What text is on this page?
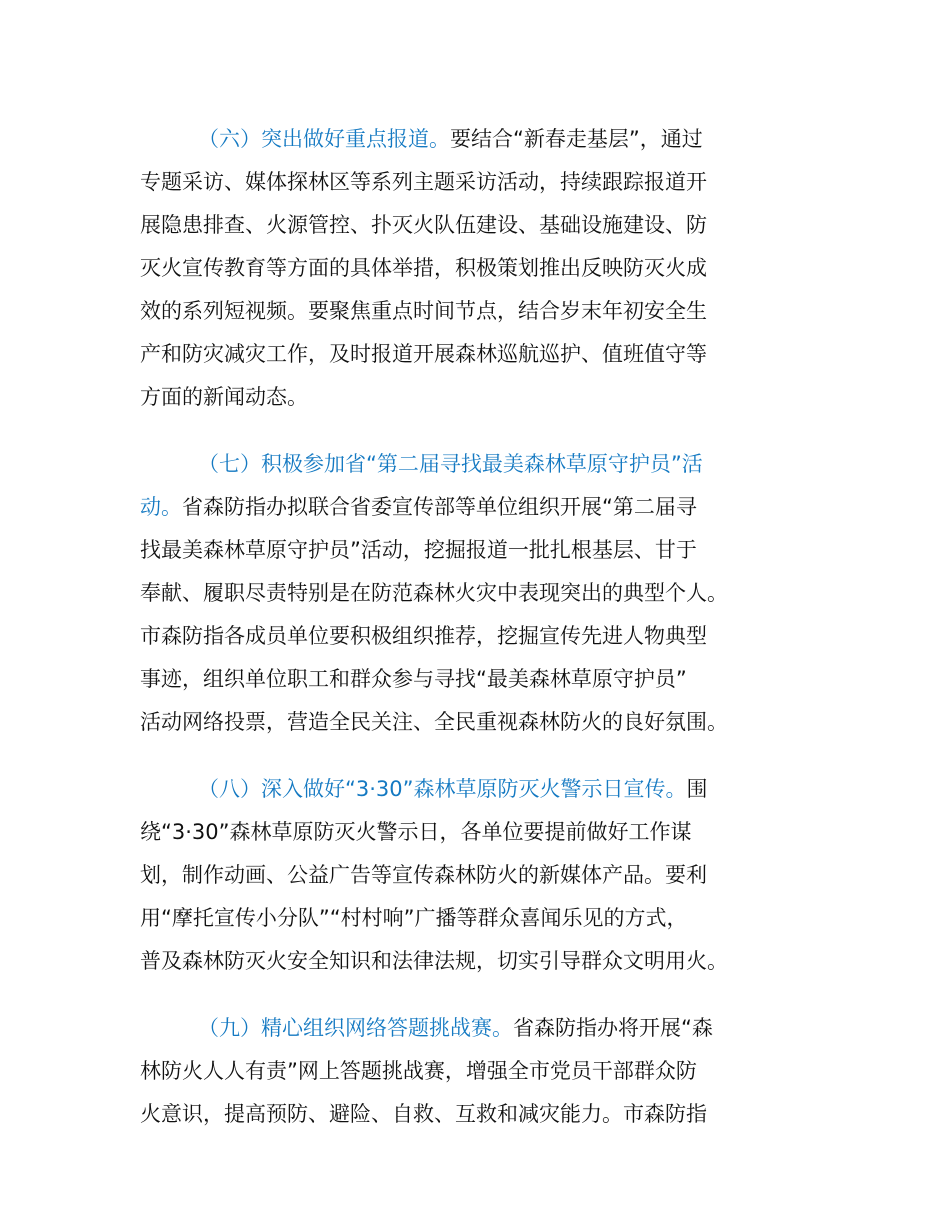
（六）突出做好重点报道。要结合“新春走基层”，通过
专题采访、媒体探林区等系列主题采访活动，持续跟踪报道开
展隐患排查、火源管控、扑灭火队伍建设、基础设施建设、防
灭火宣传教育等方面的具体举措，积极策划推出反映防灭火成
效的系列短视频。要聚焦重点时间节点，结合岁末年初安全生
产和防灾减灾工作，及时报道开展森林巡航巡护、值班值守等
方面的新闻动态。
（七）积极参加省“第二届寻找最美森林草原守护员”活
动。省森防指办拟联合省委宣传部等单位组织开展“第二届寻
找最美森林草原守护员”活动，挖掘报道一批扎根基层、甘于
奉献、履职尽责特别是在防范森林火灾中表现突出的典型个人。
市森防指各成员单位要积极组织推荐，挖掘宣传先进人物典型
事迹，组织单位职工和群众参与寻找“最美森林草原守护员”
活动网络投票，营造全民关注、全民重视森林防火的良好氛围。
（八）深入做好“3·30”森林草原防灭火警示日宣传。围
绕“3·30”森林草原防灭火警示日，各单位要提前做好工作谋
划，制作动画、公益广告等宣传森林防火的新媒体产品。要利
用“摩托宣传小分队”“村村响”广播等群众喜闻乐见的方式，
普及森林防灭火安全知识和法律法规，切实引导群众文明用火。
（九）精心组织网络答题挑战赛。省森防指办将开展“森
林防火人人有责”网上答题挑战赛，增强全市党员干部群众防
火意识，提高预防、避险、自救、互救和减灾能力。市森防指
